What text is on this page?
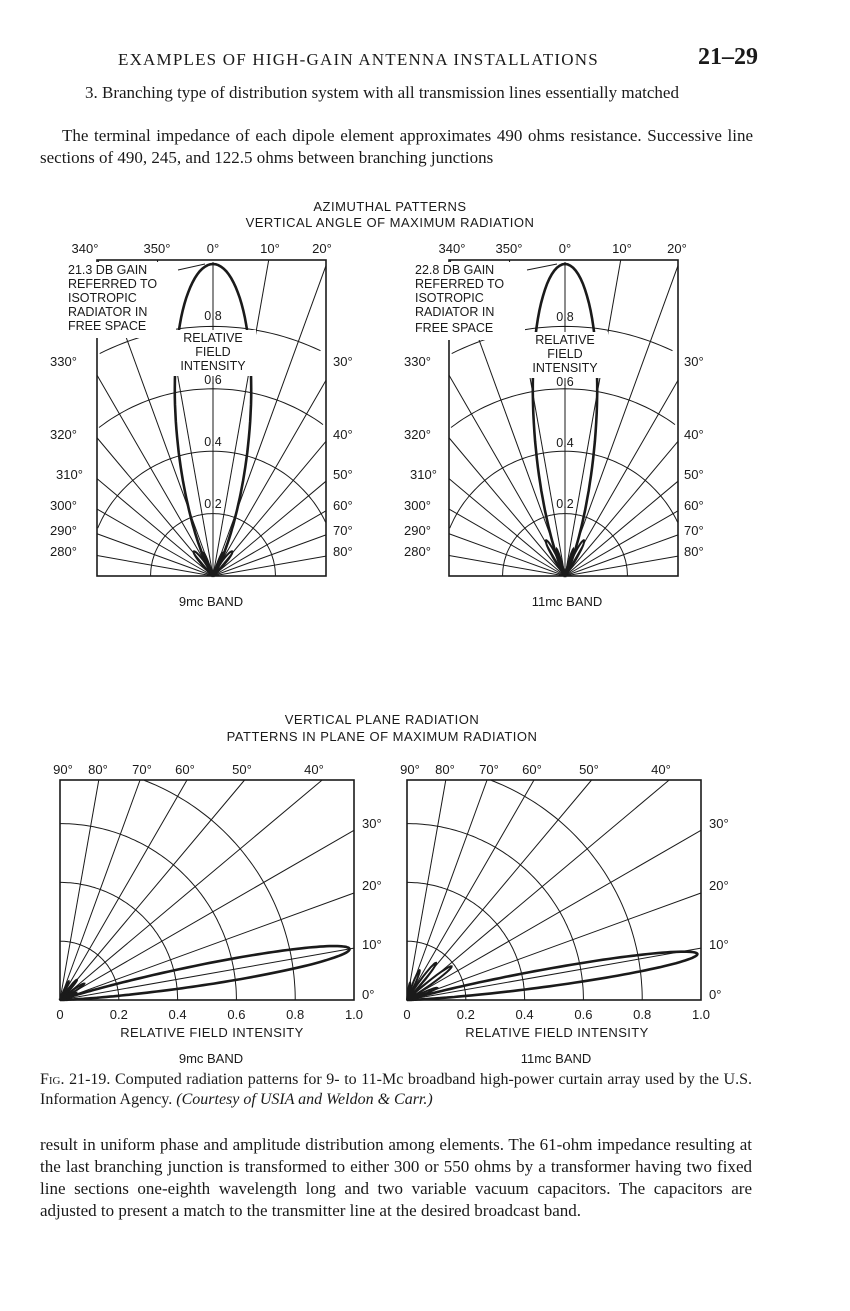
EXAMPLES OF HIGH-GAIN ANTENNA INSTALLATIONS	21–29
3. Branching type of distribution system with all transmission lines essentially matched
The terminal impedance of each dipole element approximates 490 ohms resistance. Successive line sections of 490, 245, and 122.5 ohms between branching junctions
AZIMUTHAL PATTERNS
VERTICAL ANGLE OF MAXIMUM RADIATION
340°	350°	0°	10° 20°
330°
320°
310°
300°
290°
280°
30°
40°
50°
60°
70°
80°
21.3 DB GAIN
REFERRED TO
ISOTROPIC
RADIATOR IN
FREE SPACE
RELATIVE
FIELD
INTENSITY
0.8
0.6
0.4
0.2
9mc BAND
340° 350°	0°	10°	20°
330°
320°
310°
300°
290°
280°
30°
40°
50°
60°
70°
80°
22.8 DB GAIN
REFERRED TO
ISOTROPIC
RADIATOR IN
FREE SPACE
RELATIVE
FIELD
INTENSITY
0.8
0.6
0.4
0.2
11mc BAND
VERTICAL PLANE RADIATION
PATTERNS IN PLANE OF MAXIMUM RADIATION
90° 80° 70° 60°	50°	40°
30°
20°
10°
0°
0	0.2	0.4	0.6	0.8	1.0
RELATIVE FIELD INTENSITY
9mc BAND
90° 80° 70° 60°	50°	40°
30°
20°
10°
0°
0	0.2	0.4	0.6	0.8	1.0
RELATIVE FIELD INTENSITY
11mc BAND
Fig. 21-19. Computed radiation patterns for 9- to 11-Mc broadband high-power curtain array used by the U.S. Information Agency. (Courtesy of USIA and Weldon & Carr.)
result in uniform phase and amplitude distribution among elements. The 61-ohm impedance resulting at the last branching junction is transformed to either 300 or 550 ohms by a transformer having two fixed line sections one-eighth wavelength long and two variable vacuum capacitors. The capacitors are adjusted to present a match to the transmitter line at the desired broadcast band.
